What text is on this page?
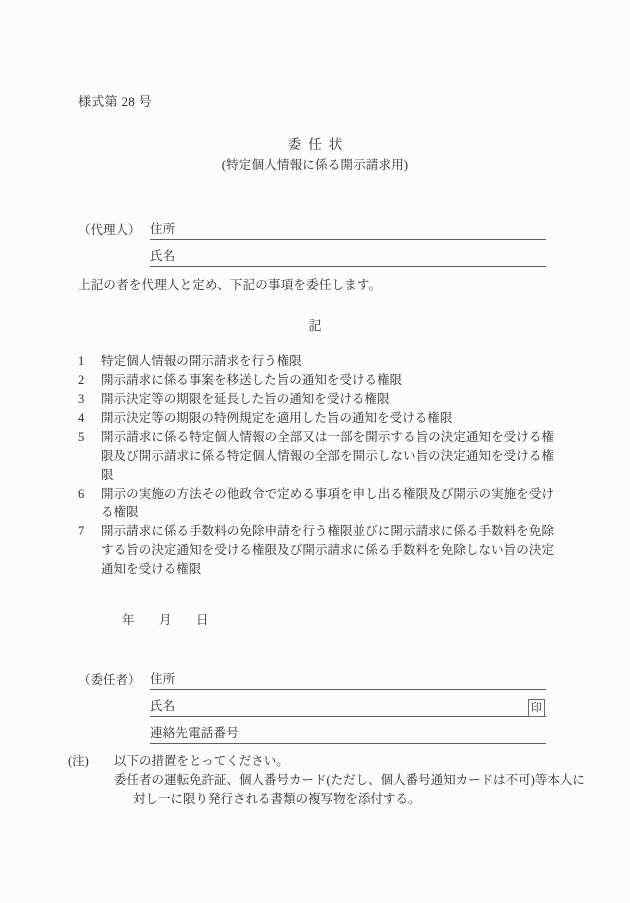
様式第 28 号
委任状
(特定個人情報に係る開示請求用)
（代理人） 住所
氏名
上記の者を代理人と定め、下記の事項を委任します。
記
1	特定個人情報の開示請求を行う権限
2	開示請求に係る事案を移送した旨の通知を受ける権限
3	開示決定等の期限を延長した旨の通知を受ける権限
4	開示決定等の期限の特例規定を適用した旨の通知を受ける権限
5	開示請求に係る特定個人情報の全部又は一部を開示する旨の決定通知を受ける権限及び開示請求に係る特定個人情報の全部を開示しない旨の決定通知を受ける権限
6	開示の実施の方法その他政令で定める事項を申し出る権限及び開示の実施を受ける権限
7	開示請求に係る手数料の免除申請を行う権限並びに開示請求に係る手数料を免除する旨の決定通知を受ける権限及び開示請求に係る手数料を免除しない旨の決定通知を受ける権限
年　月　日
（委任者） 住所
氏名	印
連絡先電話番号
(注)	以下の措置をとってください。
委任者の運転免許証、個人番号カード(ただし、個人番号通知カードは不可)等本人に
対し一に限り発行される書類の複写物を添付する。
